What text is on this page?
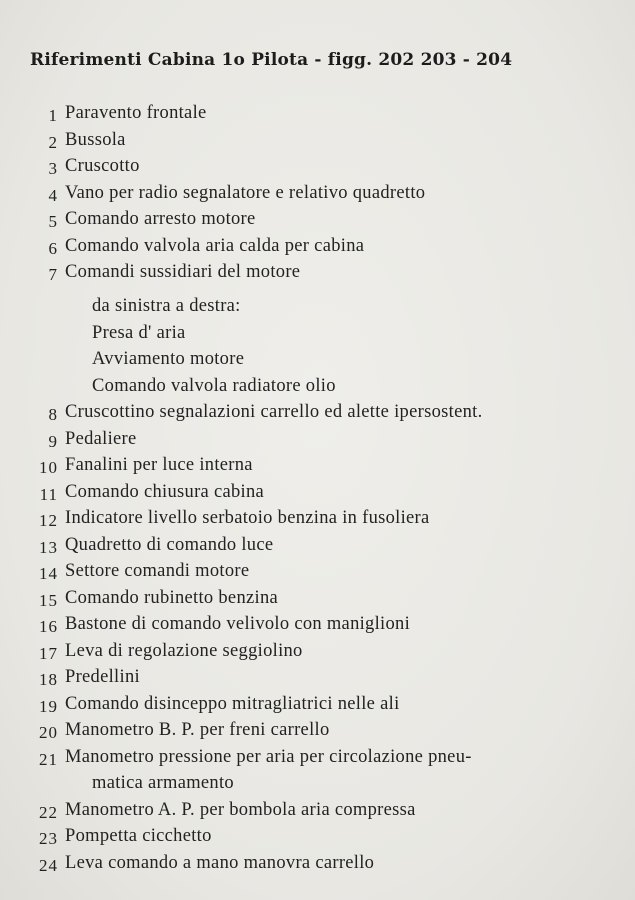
Riferimenti Cabina 1o Pilota - figg. 202 203 - 204
1 Paravento frontale
2 Bussola
3 Cruscotto
4 Vano per radio segnalatore e relativo quadretto
5 Comando arresto motore
6 Comando valvola aria calda per cabina
7 Comandi sussidiari del motore
da sinistra a destra:
Presa d' aria
Avviamento motore
Comando valvola radiatore olio
8 Cruscottino segnalazioni carrello ed alette ipersostent.
9 Pedaliere
10 Fanalini per luce interna
11 Comando chiusura cabina
12 Indicatore livello serbatoio benzina in fusoliera
13 Quadretto di comando luce
14 Settore comandi motore
15 Comando rubinetto benzina
16 Bastone di comando velivolo con maniglioni
17 Leva di regolazione seggiolino
18 Predellini
19 Comando disinceppo mitragliatrici nelle ali
20 Manometro B. P. per freni carrello
21 Manometro pressione per aria per circolazione pneu-
matica armamento
22 Manometro A. P. per bombola aria compressa
23 Pompetta cicchetto
24 Leva comando a mano manovra carrello
